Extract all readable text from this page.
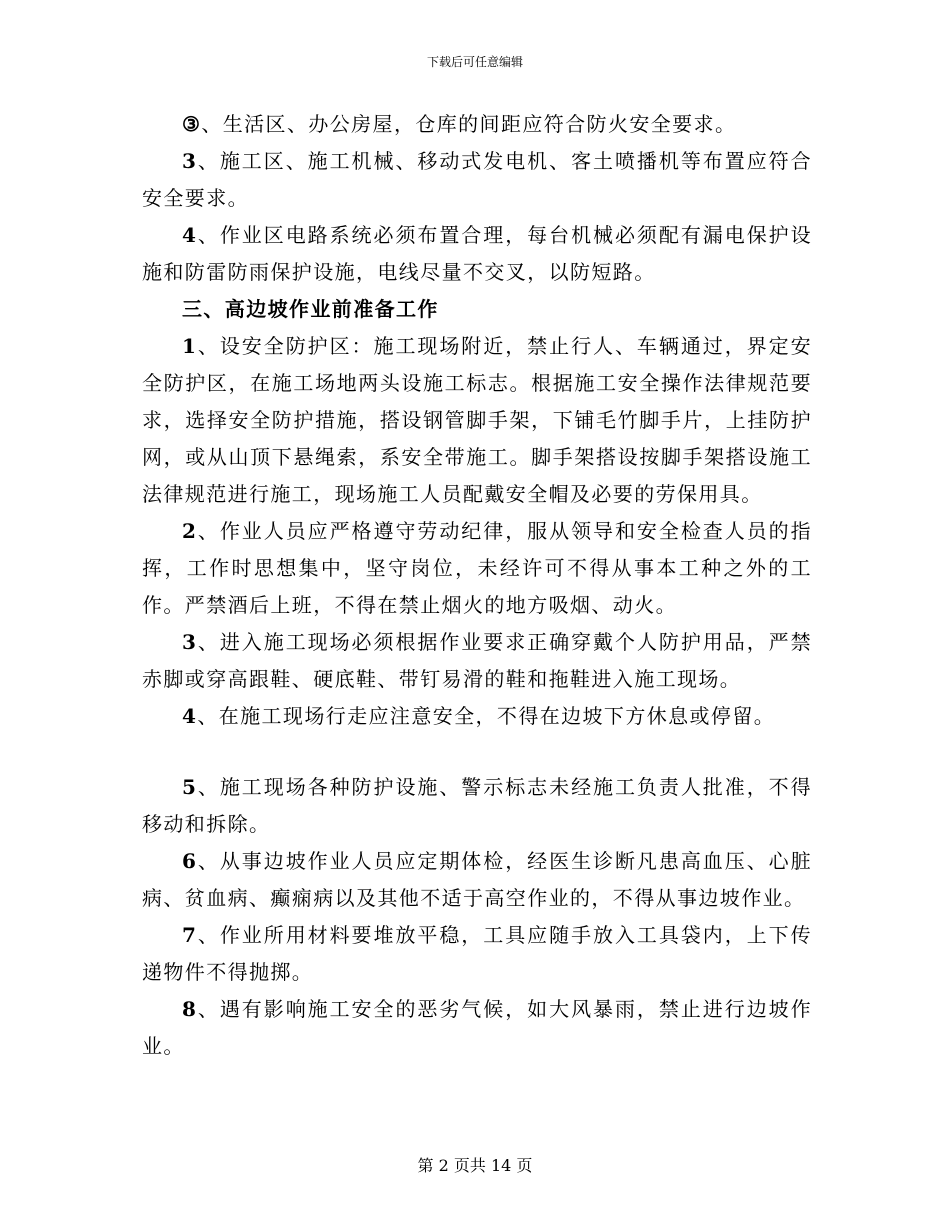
下载后可任意编辑

③、生活区、办公房屋，仓库的间距应符合防火安全要求。

3、施工区、施工机械、移动式发电机、客土喷播机等布置应符合安全要求。

4、作业区电路系统必须布置合理，每台机械必须配有漏电保护设施和防雷防雨保护设施，电线尽量不交叉，以防短路。

三、高边坡作业前准备工作

1、设安全防护区：施工现场附近，禁止行人、车辆通过，界定安全防护区，在施工场地两头设施工标志。根据施工安全操作法律规范要求，选择安全防护措施，搭设钢管脚手架，下铺毛竹脚手片，上挂防护网，或从山顶下悬绳索，系安全带施工。脚手架搭设按脚手架搭设施工法律规范进行施工，现场施工人员配戴安全帽及必要的劳保用具。

2、作业人员应严格遵守劳动纪律，服从领导和安全检查人员的指挥，工作时思想集中，坚守岗位，未经许可不得从事本工种之外的工作。严禁酒后上班，不得在禁止烟火的地方吸烟、动火。

3、进入施工现场必须根据作业要求正确穿戴个人防护用品，严禁赤脚或穿高跟鞋、硬底鞋、带钉易滑的鞋和拖鞋进入施工现场。

4、在施工现场行走应注意安全，不得在边坡下方休息或停留。

5、施工现场各种防护设施、警示标志未经施工负责人批准，不得移动和拆除。

6、从事边坡作业人员应定期体检，经医生诊断凡患高血压、心脏病、贫血病、癫痫病以及其他不适于高空作业的，不得从事边坡作业。

7、作业所用材料要堆放平稳，工具应随手放入工具袋内，上下传递物件不得抛掷。

8、遇有影响施工安全的恶劣气候，如大风暴雨，禁止进行边坡作业。

第 2 页共 14 页
